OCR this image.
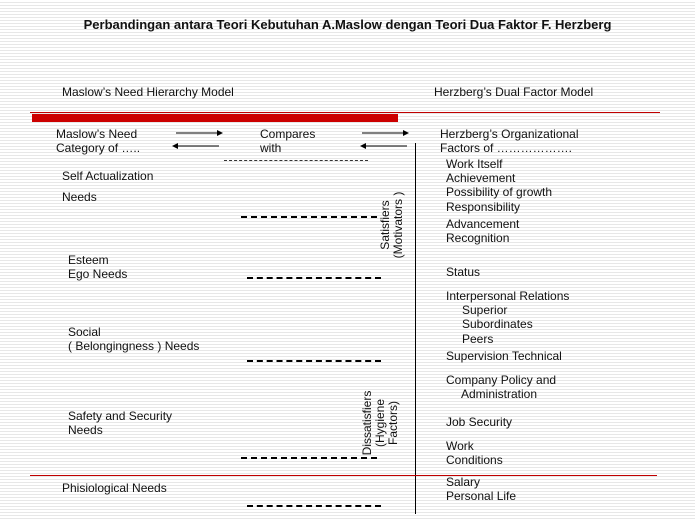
Perbandingan antara Teori Kebutuhan A.Maslow dengan Teori Dua Faktor F. Herzberg
Maslow’s Need Hierarchy Model	Herzberg’s Dual Factor Model
Maslow’s Need
Category of …..
Compares
with
Herzberg’s Organizational
Factors of ……………….
Self Actualization
Needs
Esteem
Ego Needs
Social
( Belongingness ) Needs
Safety and Security
Needs
Phisiological Needs
Satisfiers (Motivators )
Dissatisfiers (Hygiene Factors)
Work Itself
Achievement
Possibility of growth
Responsibility
Advancement
Recognition
Status
Interpersonal Relations
Superior
Subordinates
Peers
Supervision Technical
Company Policy and
Administration
Job Security
Work
Conditions
Salary
Personal Life
